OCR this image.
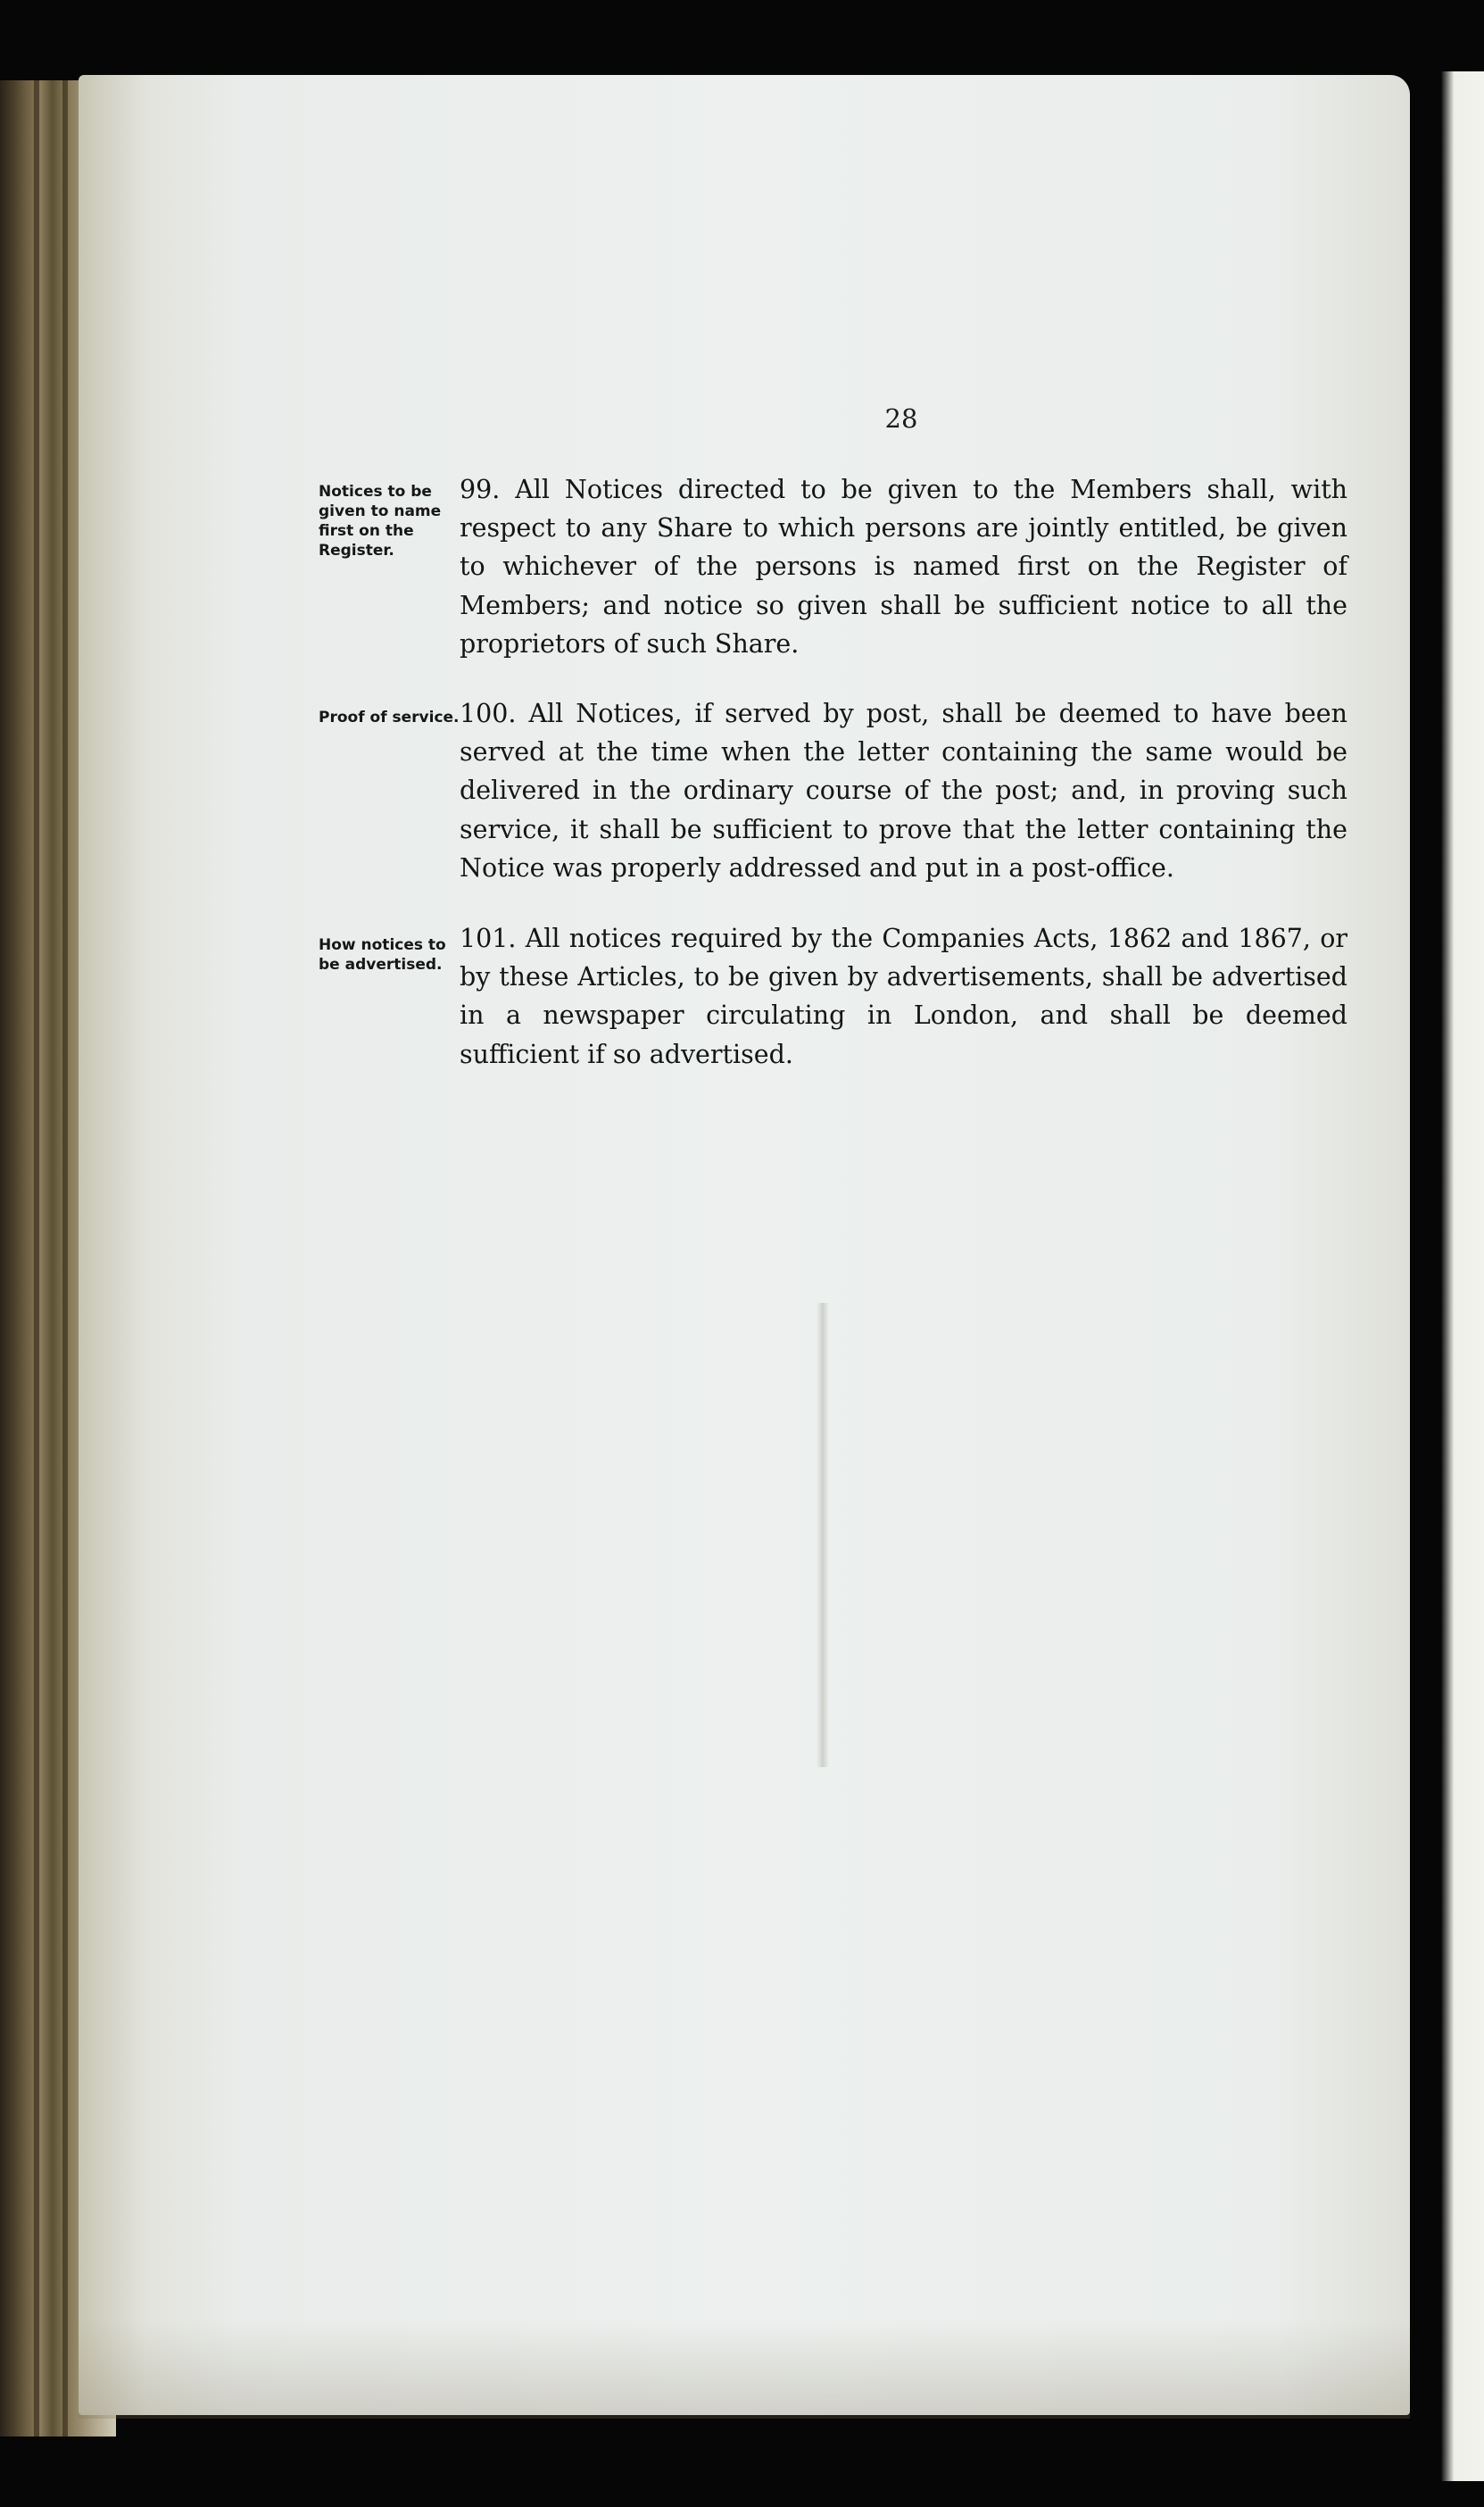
28
Notices to be given to name first on the Register.
99. All Notices directed to be given to the Members shall, with respect to any Share to which persons are jointly entitled, be given to whichever of the persons is named first on the Register of Members; and notice so given shall be sufficient notice to all the proprietors of such Share.
Proof of service. 100. All Notices, if served by post, shall be deemed to have been served at the time when the letter containing the same would be delivered in the ordinary course of the post; and, in proving such service, it shall be sufficient to prove that the letter containing the Notice was properly addressed and put in a post-office.
How notices to be advertised.
101. All notices required by the Companies Acts, 1862 and 1867, or by these Articles, to be given by advertisements, shall be advertised in a newspaper circulating in London, and shall be deemed sufficient if so advertised.
